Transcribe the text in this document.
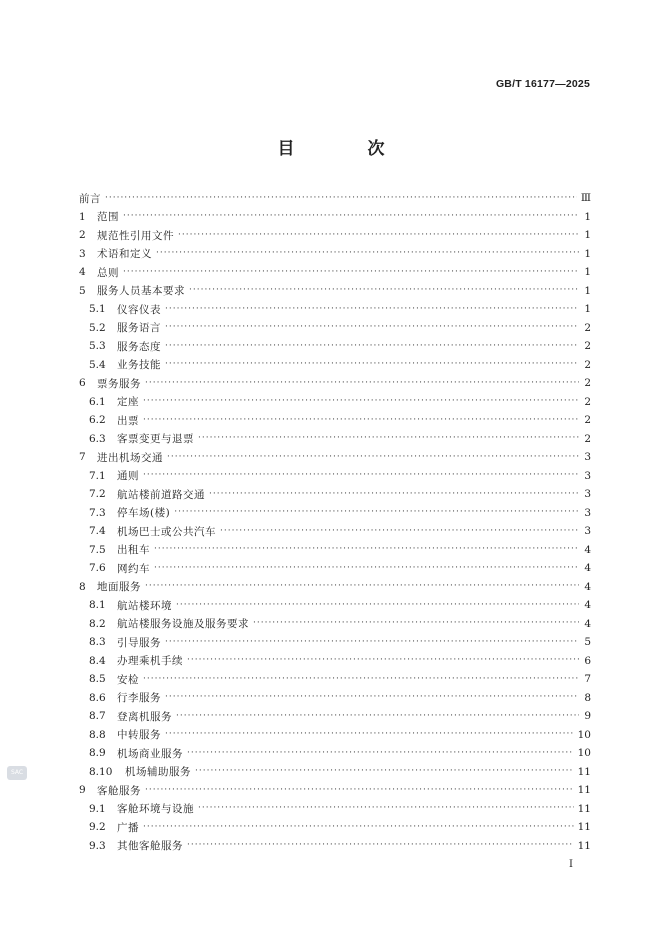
GB/T 16177—2025
目　次
前言 ·····	Ⅲ
1	范围 ·····	1
2	规范性引用文件 ·····	1
3	术语和定义 ·····	1
4	总则 ·····	1
5	服务人员基本要求 ·····	1
5.1	仪容仪表 ·····	1
5.2	服务语言 ·····	2
5.3	服务态度 ·····	2
5.4	业务技能 ·····	2
6	票务服务 ·····	2
6.1	定座 ·····	2
6.2	出票 ·····	2
6.3	客票变更与退票 ·····	2
7	进出机场交通 ·····	3
7.1	通则 ·····	3
7.2	航站楼前道路交通 ·····	3
7.3	停车场(楼) ·····	3
7.4	机场巴士或公共汽车 ·····	3
7.5	出租车 ·····	4
7.6	网约车 ·····	4
8	地面服务 ·····	4
8.1	航站楼环境 ·····	4
8.2	航站楼服务设施及服务要求 ·····	4
8.3	引导服务 ·····	5
8.4	办理乘机手续 ·····	6
8.5	安检 ·····	7
8.6	行李服务 ·····	8
8.7	登离机服务 ·····	9
8.8	中转服务 ·····	10
8.9	机场商业服务 ·····	10
8.10	机场辅助服务 ·····	11
9	客舱服务 ·····	11
9.1	客舱环境与设施 ·····	11
9.2	广播 ·····	11
9.3	其他客舱服务 ·····	11
I
SAC
